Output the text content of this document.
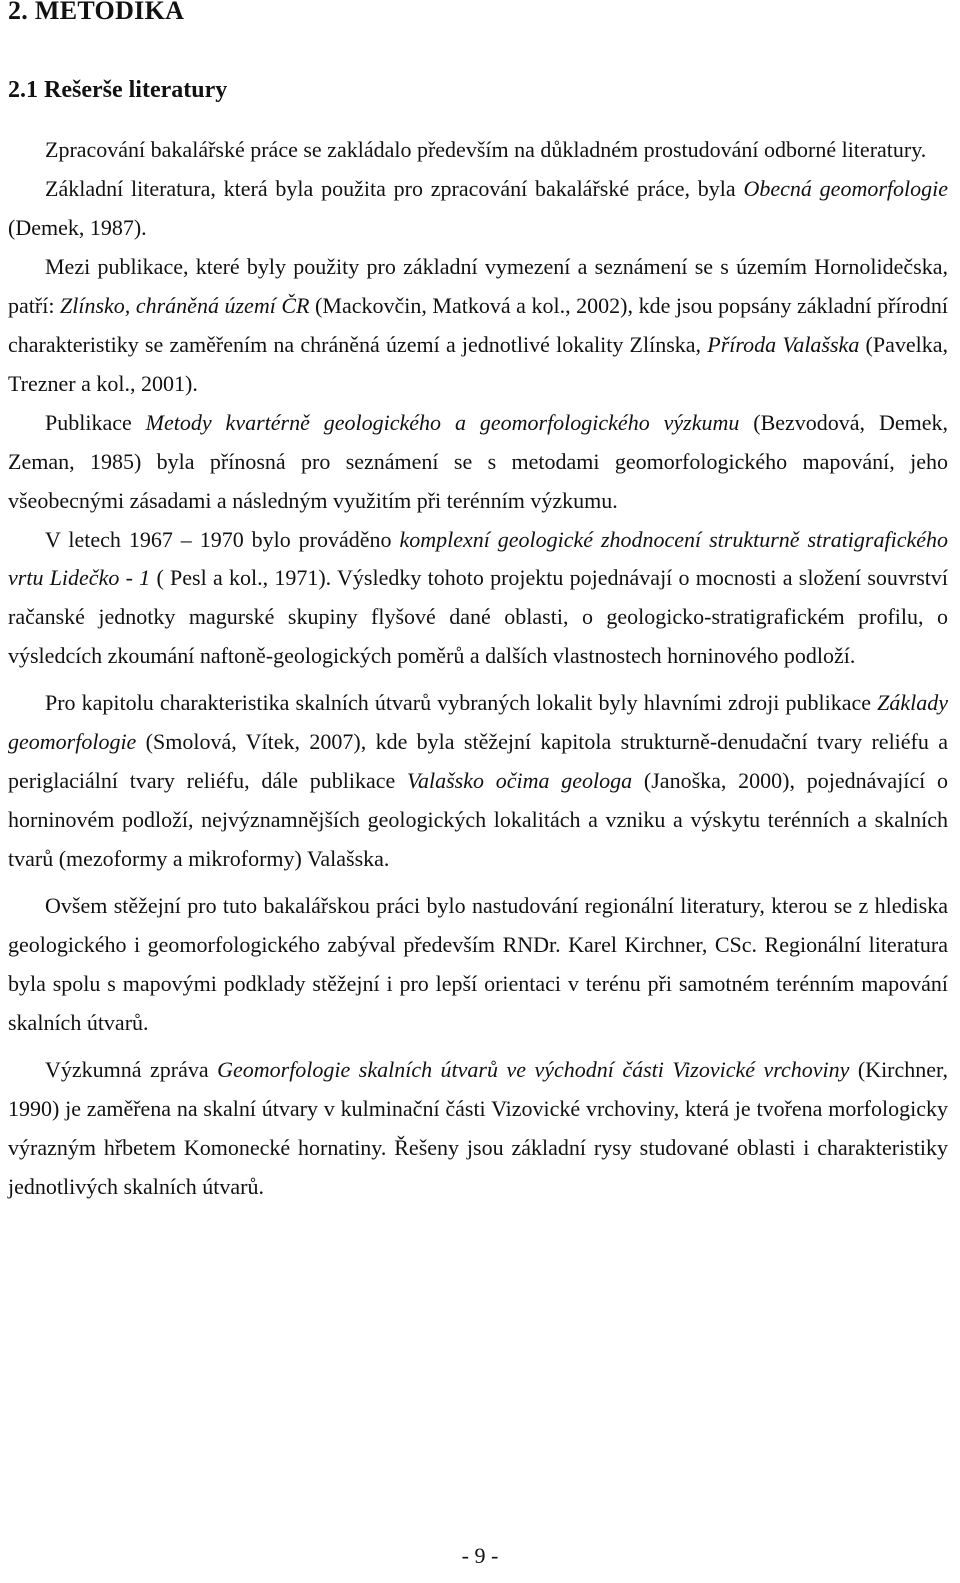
2. METODIKA
2.1 Rešerše literatury

Zpracování bakalářské práce se zakládalo především na důkladném prostudování odborné literatury.

Základní literatura, která byla použita pro zpracování bakalářské práce, byla Obecná geomorfologie (Demek, 1987).

Mezi publikace, které byly použity pro základní vymezení a seznámení se s územím Hornolidečska, patří: Zlínsko, chráněná území ČR (Mackovčin, Matková a kol., 2002), kde jsou popsány základní přírodní charakteristiky se zaměřením na chráněná území a jednotlivé lokality Zlínska, Příroda Valašska (Pavelka, Trezner a kol., 2001).

Publikace Metody kvartérně geologického a geomorfologického výzkumu (Bezvodová, Demek, Zeman, 1985) byla přínosná pro seznámení se s metodami geomorfologického mapování, jeho všeobecnými zásadami a následným využitím při terénním výzkumu.

V letech 1967 – 1970 bylo prováděno komplexní geologické zhodnocení strukturně stratigrafického vrtu Lidečko - 1 ( Pesl a kol., 1971). Výsledky tohoto projektu pojednávají o mocnosti a složení souvrství račanské jednotky magurské skupiny flyšové dané oblasti, o geologicko-stratigrafickém profilu, o výsledcích zkoumání naftoně-geologických poměrů a dalších vlastnostech horninového podloží.

Pro kapitolu charakteristika skalních útvarů vybraných lokalit byly hlavními zdroji publikace Základy geomorfologie (Smolová, Vítek, 2007), kde byla stěžejní kapitola strukturně-denudační tvary reliéfu a periglaciální tvary reliéfu, dále publikace Valašsko očima geologa (Janoška, 2000), pojednávající o horninovém podloží, nejvýznamnějších geologických lokalitách a vzniku a výskytu terénních a skalních tvarů (mezoformy a mikroformy) Valašska.

Ovšem stěžejní pro tuto bakalářskou práci bylo nastudování regionální literatury, kterou se z hlediska geologického i geomorfologického zabýval především RNDr. Karel Kirchner, CSc. Regionální literatura byla spolu s mapovými podklady stěžejní i pro lepší orientaci v terénu při samotném terénním mapování skalních útvarů.

Výzkumná zpráva Geomorfologie skalních útvarů ve východní části Vizovické vrchoviny (Kirchner, 1990) je zaměřena na skalní útvary v kulminační části Vizovické vrchoviny, která je tvořena morfologicky výrazným hřbetem Komonecké hornatiny. Řešeny jsou základní rysy studované oblasti i charakteristiky jednotlivých skalních útvarů.

- 9 -
